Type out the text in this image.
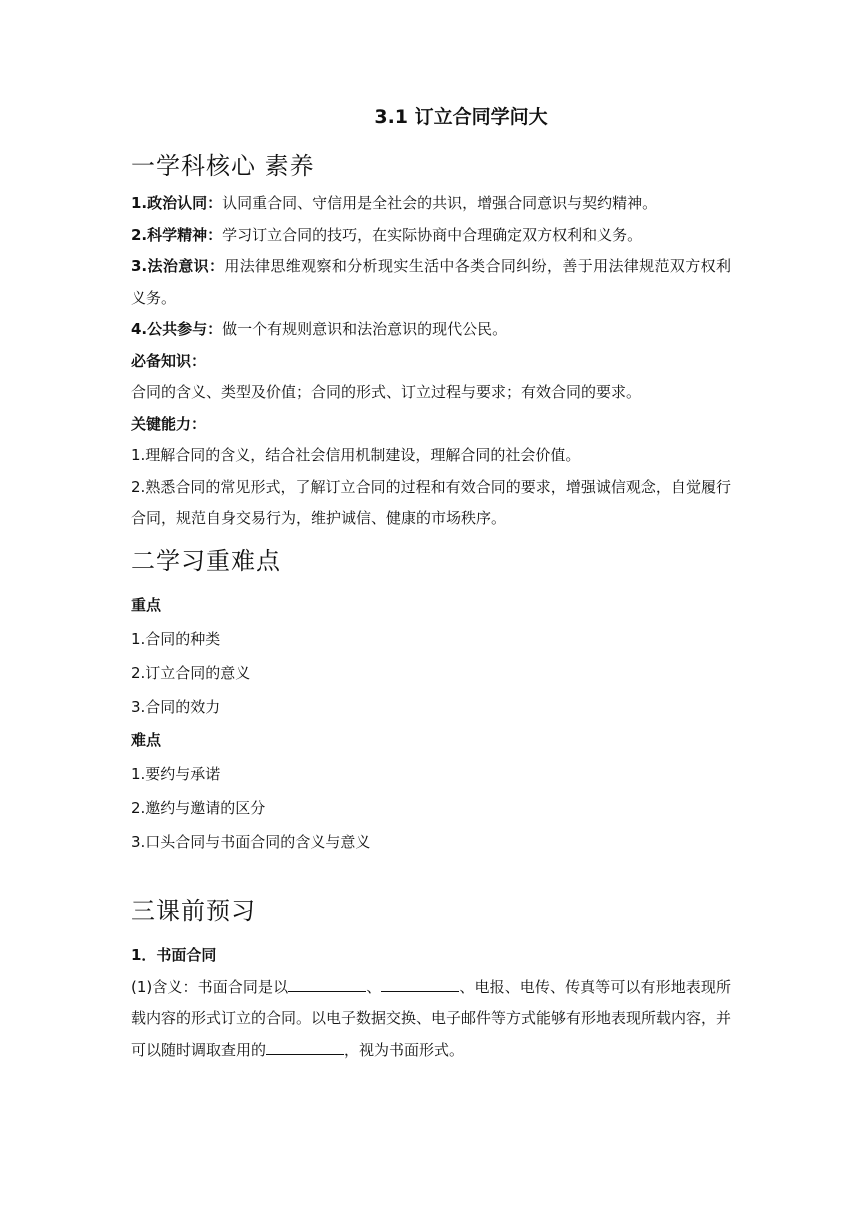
3.1 订立合同学问大
一学科核心 素养

1.政治认同：认同重合同、守信用是全社会的共识，增强合同意识与契约精神。

2.科学精神：学习订立合同的技巧，在实际协商中合理确定双方权利和义务。

3.法治意识：用法律思维观察和分析现实生活中各类合同纠纷，善于用法律规范双方权利义务。

4.公共参与：做一个有规则意识和法治意识的现代公民。

必备知识：

合同的含义、类型及价值；合同的形式、订立过程与要求；有效合同的要求。

关键能力：

1.理解合同的含义，结合社会信用机制建设，理解合同的社会价值。

2.熟悉合同的常见形式，了解订立合同的过程和有效合同的要求，增强诚信观念，自觉履行合同，规范自身交易行为，维护诚信、健康的市场秩序。

二学习重难点

重点

1.合同的种类

2.订立合同的意义

3.合同的效力

难点

1.要约与承诺

2.邀约与邀请的区分

3.口头合同与书面合同的含义与意义

三课前预习

1．书面合同

(1)含义：书面合同是以	、	、电报、电传、传真等可以有形地表现所载内容的形式订立的合同。以电子数据交换、电子邮件等方式能够有形地表现所载内容，并可以随时调取查用的	，视为书面形式。
